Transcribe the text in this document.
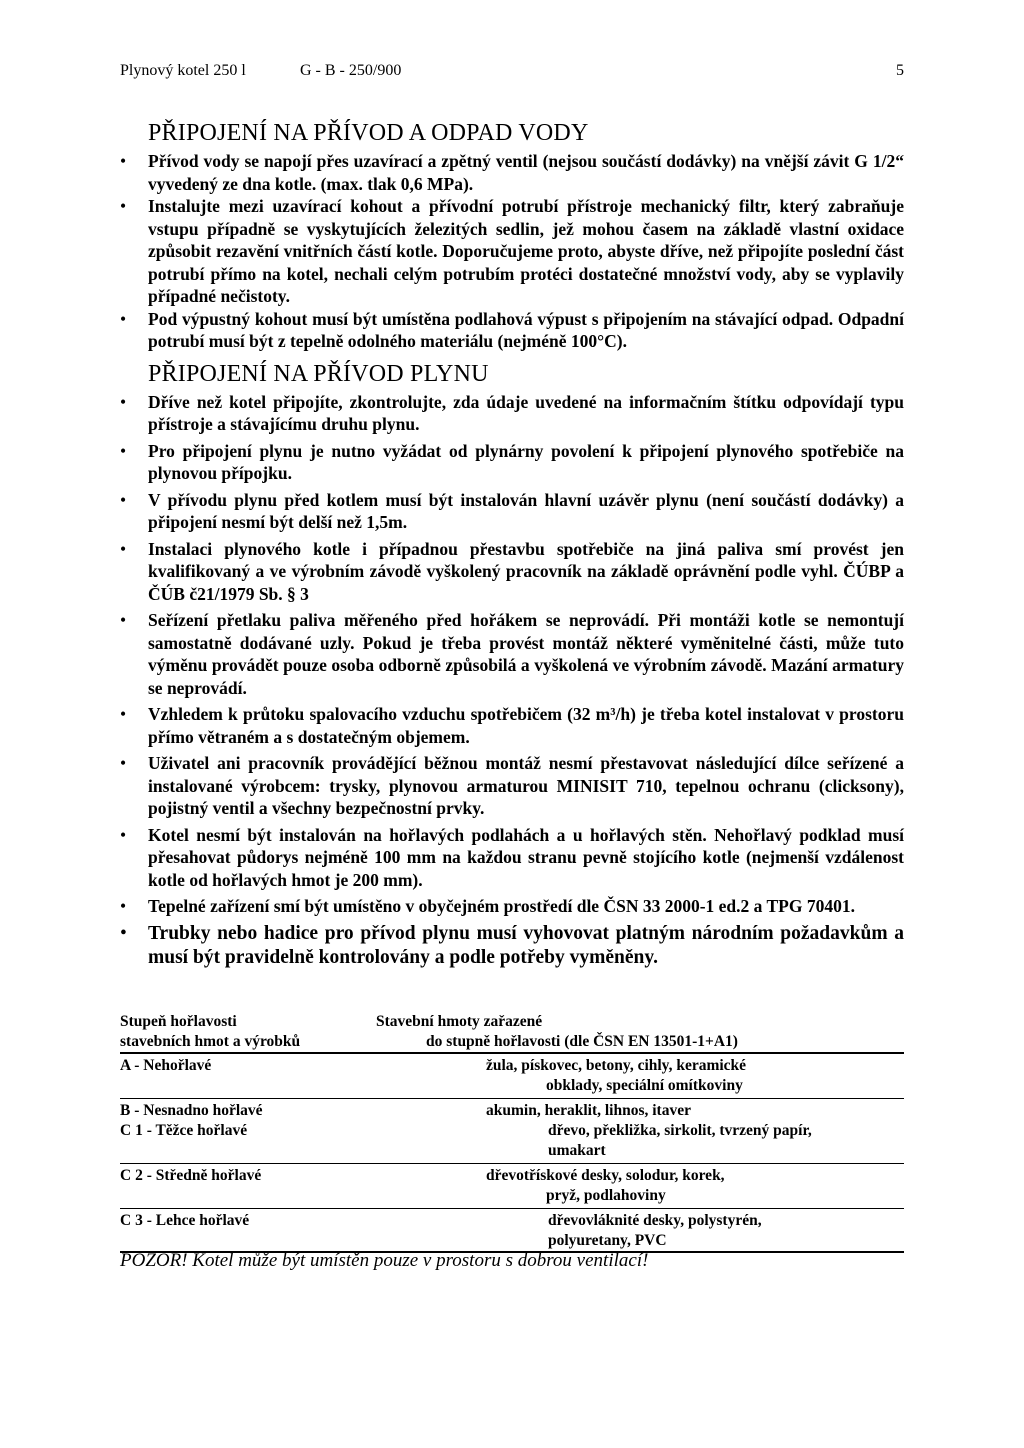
Plynový kotel 250 l	G - B - 250/900	5
PŘIPOJENÍ NA PŘÍVOD A ODPAD VODY
• Přívod vody se napojí přes uzavírací a zpětný ventil (nejsou součástí dodávky) na vnější závit G 1/2“ vyvedený ze dna kotle. (max. tlak 0,6 MPa).
• Instalujte mezi uzavírací kohout a přívodní potrubí přístroje mechanický filtr, který zabraňuje vstupu případně se vyskytujících železitých sedlin, jež mohou časem na základě vlastní oxidace způsobit rezavění vnitřních částí kotle. Doporučujeme proto, abyste dříve, než připojíte poslední část potrubí přímo na kotel, nechali celým potrubím protéci dostatečné množství vody, aby se vyplavily případné nečistoty.
• Pod výpustný kohout musí být umístěna podlahová výpust s připojením na stávající odpad. Odpadní potrubí musí být z tepelně odolného materiálu (nejméně 100°C).
PŘIPOJENÍ NA PŘÍVOD PLYNU
• Dříve než kotel připojíte, zkontrolujte, zda údaje uvedené na informačním štítku odpovídají typu přístroje a stávajícímu druhu plynu.
• Pro připojení plynu je nutno vyžádat od plynárny povolení k připojení plynového spotřebiče na plynovou přípojku.
• V přívodu plynu před kotlem musí být instalován hlavní uzávěr plynu (není součástí dodávky) a připojení nesmí být delší než 1,5m.
• Instalaci plynového kotle i případnou přestavbu spotřebiče na jiná paliva smí provést jen kvalifikovaný a ve výrobním závodě vyškolený pracovník na základě oprávnění podle vyhl. ČÚBP a ČÚB č21/1979 Sb. § 3
• Seřízení přetlaku paliva měřeného před hořákem se neprovádí. Při montáži kotle se nemontují samostatně dodávané uzly. Pokud je třeba provést montáž některé vyměnitelné části, může tuto výměnu provádět pouze osoba odborně způsobilá a vyškolená ve výrobním závodě. Mazání armatury se neprovádí.
• Vzhledem k průtoku spalovacího vzduchu spotřebičem (32 m³/h) je třeba kotel instalovat v prostoru přímo větraném a s dostatečným objemem.
• Uživatel ani pracovník provádějící běžnou montáž nesmí přestavovat následující dílce seřízené a instalované výrobcem: trysky, plynovou armaturou MINISIT 710, tepelnou ochranu (clicksony), pojistný ventil a všechny bezpečnostní prvky.
• Kotel nesmí být instalován na hořlavých podlahách a u hořlavých stěn. Nehořlavý podklad musí přesahovat půdorys nejméně 100 mm na každou stranu pevně stojícího kotle (nejmenší vzdálenost kotle od hořlavých hmot je 200 mm).
• Tepelné zařízení smí být umístěno v obyčejném prostředí dle ČSN 33 2000-1 ed.2 a TPG 70401.
• Trubky nebo hadice pro přívod plynu musí vyhovovat platným národním požadavkům a musí být pravidelně kontrolovány a podle potřeby vyměněny.
Stupeň hořlavosti
stavebních hmot a výrobků
Stavební hmoty zařazené
do stupně hořlavosti (dle ČSN EN 13501-1+A1)
A - Nehořlavé	žula, pískovec, betony, cihly, keramické
obklady, speciální omítkoviny
B - Nesnadno hořlavé	akumin, heraklit, lihnos, itaver
C 1 - Těžce hořlavé	dřevo, překližka, sirkolit, tvrzený papír,
umakart
C 2 - Středně hořlavé	dřevotřískové desky, solodur, korek,
pryž, podlahoviny
C 3 - Lehce hořlavé	dřevovláknité desky, polystyrén,
polyuretany, PVC
POZOR! Kotel může být umístěn pouze v prostoru s dobrou ventilací!
